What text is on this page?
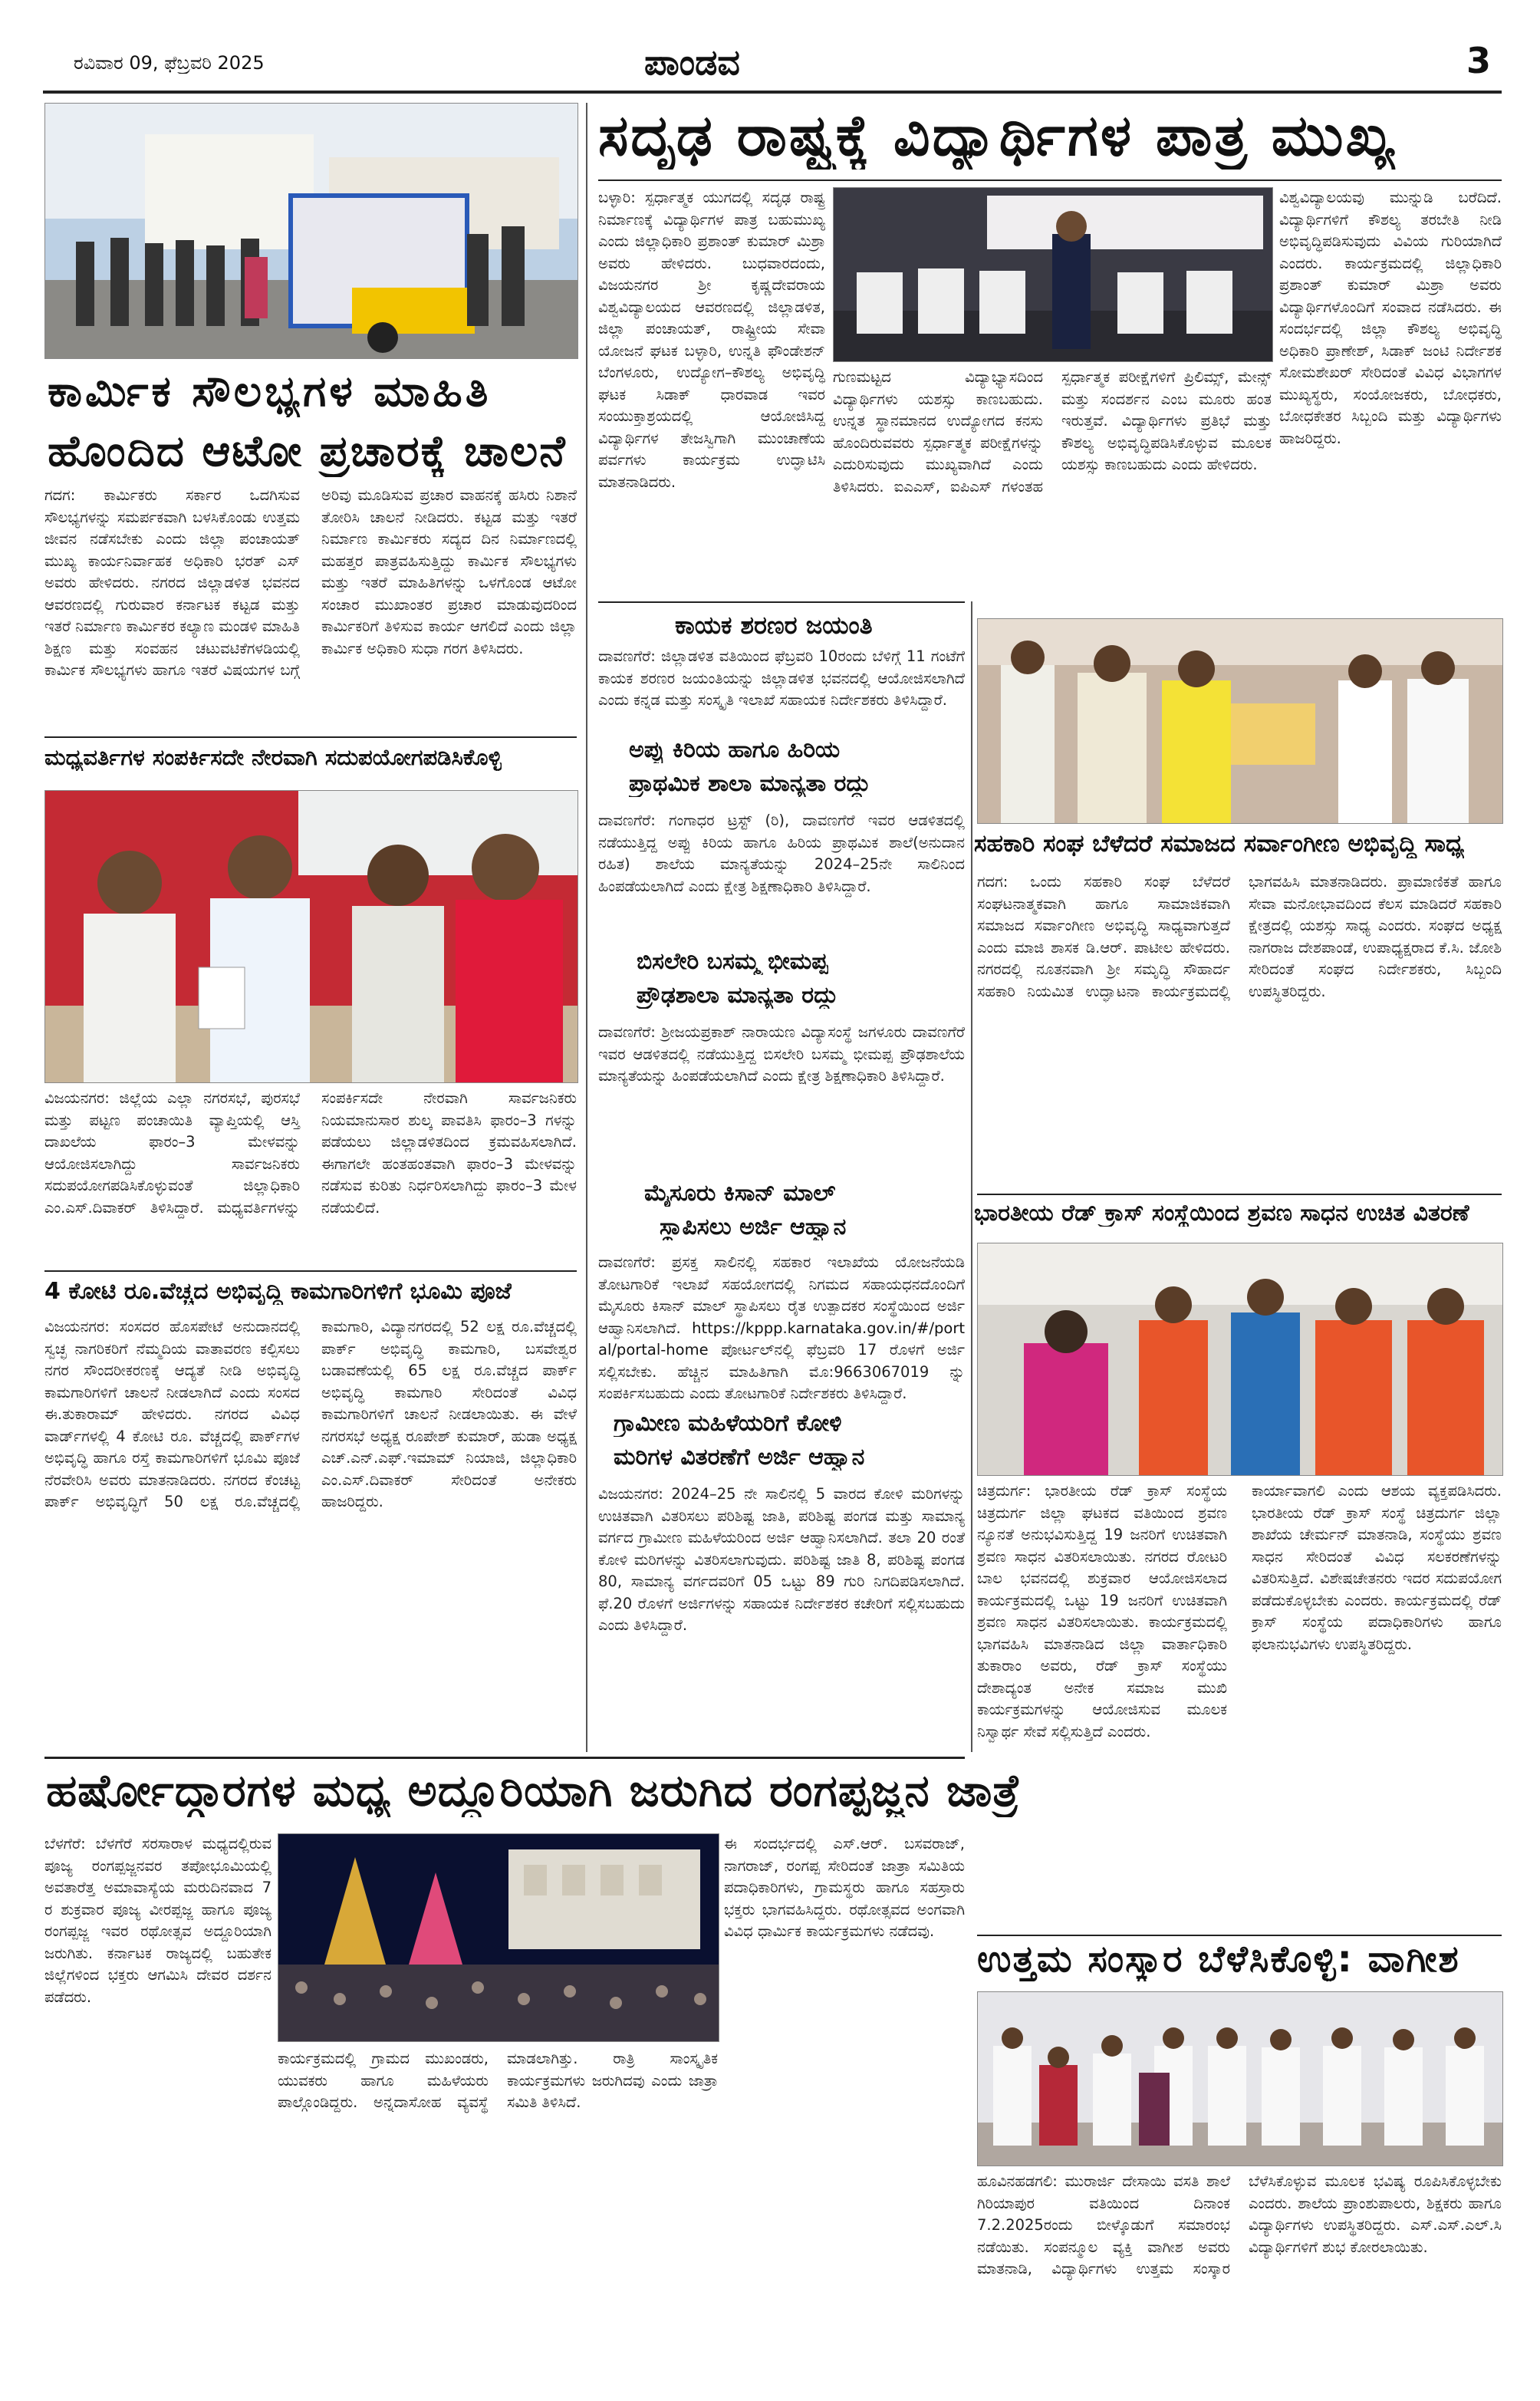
ರವಿವಾರ 09, ಫೆಬ್ರವರಿ 2025	ಪಾಂಡವ	3
ಕಾರ್ಮಿಕ ಸೌಲಭ್ಯಗಳ ಮಾಹಿತಿ
ಹೊಂದಿದ ಆಟೋ ಪ್ರಚಾರಕ್ಕೆ ಚಾಲನೆ
ಗದಗ: ಕಾರ್ಮಿಕರು ಸರ್ಕಾರ ಒದಗಿಸುವ ಸೌಲಭ್ಯಗಳನ್ನು ಸಮರ್ಪಕವಾಗಿ ಬಳಸಿಕೊಂಡು ಉತ್ತಮ ಜೀವನ ನಡೆಸಬೇಕು ಎಂದು ಜಿಲ್ಲಾ ಪಂಚಾಯತ್ ಮುಖ್ಯ ಕಾರ್ಯನಿರ್ವಾಹಕ ಅಧಿಕಾರಿ ಭರತ್ ಎಸ್ ಅವರು ಹೇಳಿದರು. ನಗರದ ಜಿಲ್ಲಾಡಳಿತ ಭವನದ ಆವರಣದಲ್ಲಿ ಗುರುವಾರ ಕರ್ನಾಟಕ ಕಟ್ಟಡ ಮತ್ತು ಇತರೆ ನಿರ್ಮಾಣ ಕಾರ್ಮಿಕರ ಕಲ್ಯಾಣ ಮಂಡಳಿ ಮಾಹಿತಿ ಶಿಕ್ಷಣ ಮತ್ತು ಸಂವಹನ ಚಟುವಟಿಕೆಗಳಡಿಯಲ್ಲಿ ಕಾರ್ಮಿಕ ಸೌಲಭ್ಯಗಳು ಹಾಗೂ ಇತರೆ ವಿಷಯಗಳ ಬಗ್ಗೆ ಅರಿವು ಮೂಡಿಸುವ ಪ್ರಚಾರ ವಾಹನಕ್ಕೆ ಹಸಿರು ನಿಶಾನೆ ತೋರಿಸಿ ಚಾಲನೆ ನೀಡಿದರು. ಕಟ್ಟಡ ಮತ್ತು ಇತರೆ ನಿರ್ಮಾಣ ಕಾರ್ಮಿಕರು ಸದ್ಯದ ದಿನ ನಿರ್ಮಾಣದಲ್ಲಿ ಮಹತ್ತರ ಪಾತ್ರವಹಿಸುತ್ತಿದ್ದು ಕಾರ್ಮಿಕ ಸೌಲಭ್ಯಗಳು ಮತ್ತು ಇತರೆ ಮಾಹಿತಿಗಳನ್ನು ಒಳಗೊಂಡ ಆಟೋ ಸಂಚಾರ ಮುಖಾಂತರ ಪ್ರಚಾರ ಮಾಡುವುದರಿಂದ ಕಾರ್ಮಿಕರಿಗೆ ತಿಳಿಸುವ ಕಾರ್ಯ ಆಗಲಿದೆ ಎಂದು ಜಿಲ್ಲಾ ಕಾರ್ಮಿಕ ಅಧಿಕಾರಿ ಸುಧಾ ಗರಗ ತಿಳಿಸಿದರು.
ಮಧ್ಯವರ್ತಿಗಳ ಸಂಪರ್ಕಿಸದೇ ನೇರವಾಗಿ ಸದುಪಯೋಗಪಡಿಸಿಕೊಳ್ಳಿ
ವಿಜಯನಗರ: ಜಿಲ್ಲೆಯ ಎಲ್ಲಾ ನಗರಸಭೆ, ಪುರಸಭೆ ಮತ್ತು ಪಟ್ಟಣ ಪಂಚಾಯಿತಿ ವ್ಯಾಪ್ತಿಯಲ್ಲಿ ಆಸ್ತಿ ದಾಖಲೆಯ ಫಾರಂ–3 ಮೇಳವನ್ನು ಆಯೋಜಿಸಲಾಗಿದ್ದು ಸಾರ್ವಜನಿಕರು ಸದುಪಯೋಗಪಡಿಸಿಕೊಳ್ಳುವಂತೆ ಜಿಲ್ಲಾಧಿಕಾರಿ ಎಂ.ಎಸ್.ದಿವಾಕರ್ ತಿಳಿಸಿದ್ದಾರೆ. ಮಧ್ಯವರ್ತಿಗಳನ್ನು ಸಂಪರ್ಕಿಸದೇ ನೇರವಾಗಿ ಸಾರ್ವಜನಿಕರು ನಿಯಮಾನುಸಾರ ಶುಲ್ಕ ಪಾವತಿಸಿ ಫಾರಂ–3 ಗಳನ್ನು ಪಡೆಯಲು ಜಿಲ್ಲಾಡಳಿತದಿಂದ ಕ್ರಮವಹಿಸಲಾಗಿದೆ. ಈಗಾಗಲೇ ಹಂತಹಂತವಾಗಿ ಫಾರಂ–3 ಮೇಳವನ್ನು ನಡೆಸುವ ಕುರಿತು ನಿರ್ಧರಿಸಲಾಗಿದ್ದು ಫಾರಂ–3 ಮೇಳ ನಡೆಯಲಿದೆ.
4 ಕೋಟಿ ರೂ.ವೆಚ್ಚದ ಅಭಿವೃದ್ಧಿ ಕಾಮಗಾರಿಗಳಿಗೆ ಭೂಮಿ ಪೂಜೆ
ವಿಜಯನಗರ: ಸಂಸದರ ಹೊಸಪೇಟೆ ಅನುದಾನದಲ್ಲಿ ಸ್ವಚ್ಛ ನಾಗರಿಕರಿಗೆ ನೆಮ್ಮದಿಯ ವಾತಾವರಣ ಕಲ್ಪಿಸಲು ನಗರ ಸೌಂದರೀಕರಣಕ್ಕೆ ಆದ್ಯತೆ ನೀಡಿ ಅಭಿವೃದ್ಧಿ ಕಾಮಗಾರಿಗಳಿಗೆ ಚಾಲನೆ ನೀಡಲಾಗಿದೆ ಎಂದು ಸಂಸದ ಈ.ತುಕಾರಾಮ್ ಹೇಳಿದರು. ನಗರದ ವಿವಿಧ ವಾರ್ಡ್‌ಗಳಲ್ಲಿ 4 ಕೋಟಿ ರೂ. ವೆಚ್ಚದಲ್ಲಿ ಪಾರ್ಕ್‌ಗಳ ಅಭಿವೃದ್ಧಿ ಹಾಗೂ ರಸ್ತೆ ಕಾಮಗಾರಿಗಳಿಗೆ ಭೂಮಿ ಪೂಜೆ ನೆರವೇರಿಸಿ ಅವರು ಮಾತನಾಡಿದರು. ನಗರದ ಕೆಂಚಟ್ಟ ಪಾರ್ಕ್ ಅಭಿವೃದ್ಧಿಗೆ 50 ಲಕ್ಷ ರೂ.ವೆಚ್ಚದಲ್ಲಿ ಕಾಮಗಾರಿ, ವಿದ್ಯಾನಗರದಲ್ಲಿ 52 ಲಕ್ಷ ರೂ.ವೆಚ್ಚದಲ್ಲಿ ಪಾರ್ಕ್ ಅಭಿವೃದ್ಧಿ ಕಾಮಗಾರಿ, ಬಸವೇಶ್ವರ ಬಡಾವಣೆಯಲ್ಲಿ 65 ಲಕ್ಷ ರೂ.ವೆಚ್ಚದ ಪಾರ್ಕ್ ಅಭಿವೃದ್ಧಿ ಕಾಮಗಾರಿ ಸೇರಿದಂತೆ ವಿವಿಧ ಕಾಮಗಾರಿಗಳಿಗೆ ಚಾಲನೆ ನೀಡಲಾಯಿತು. ಈ ವೇಳೆ ನಗರಸಭೆ ಅಧ್ಯಕ್ಷ ರೂಪೇಶ್ ಕುಮಾರ್, ಹುಡಾ ಅಧ್ಯಕ್ಷ ಎಚ್.ಎನ್.ಎಫ್.ಇಮಾಮ್ ನಿಯಾಜಿ, ಜಿಲ್ಲಾಧಿಕಾರಿ ಎಂ.ಎಸ್.ದಿವಾಕರ್ ಸೇರಿದಂತೆ ಅನೇಕರು ಹಾಜರಿದ್ದರು.
ಸದೃಢ ರಾಷ್ಟ್ರಕ್ಕೆ ವಿದ್ಯಾರ್ಥಿಗಳ ಪಾತ್ರ ಮುಖ್ಯ
ಬಳ್ಳಾರಿ: ಸ್ಪರ್ಧಾತ್ಮಕ ಯುಗದಲ್ಲಿ ಸದೃಢ ರಾಷ್ಟ್ರ ನಿರ್ಮಾಣಕ್ಕೆ ವಿದ್ಯಾರ್ಥಿಗಳ ಪಾತ್ರ ಬಹುಮುಖ್ಯ ಎಂದು ಜಿಲ್ಲಾಧಿಕಾರಿ ಪ್ರಶಾಂತ್ ಕುಮಾರ್ ಮಿಶ್ರಾ ಅವರು ಹೇಳಿದರು. ಬುಧವಾರದಂದು, ವಿಜಯನಗರ ಶ್ರೀ ಕೃಷ್ಣದೇವರಾಯ ವಿಶ್ವವಿದ್ಯಾಲಯದ ಆವರಣದಲ್ಲಿ ಜಿಲ್ಲಾಡಳಿತ, ಜಿಲ್ಲಾ ಪಂಚಾಯತ್, ರಾಷ್ಟ್ರೀಯ ಸೇವಾ ಯೋಜನೆ ಘಟಕ ಬಳ್ಳಾರಿ, ಉನ್ನತಿ ಫೌಂಡೇಶನ್ ಬೆಂಗಳೂರು, ಉದ್ಯೋಗ–ಕೌಶಲ್ಯ ಅಭಿವೃದ್ಧಿ ಘಟಕ ಸಿಡಾಕ್ ಧಾರವಾಡ ಇವರ ಸಂಯುಕ್ತಾಶ್ರಯದಲ್ಲಿ ಆಯೋಜಿಸಿದ್ದ ವಿದ್ಯಾರ್ಥಿಗಳ ತೇಜಸ್ವಿಗಾಗಿ ಮುಂಚಾಣೆಯ ಪರ್ವಗಳು ಕಾರ್ಯಕ್ರಮ ಉದ್ಘಾಟಿಸಿ ಮಾತನಾಡಿದರು.
ಗುಣಮಟ್ಟದ ವಿದ್ಯಾಭ್ಯಾಸದಿಂದ ವಿದ್ಯಾರ್ಥಿಗಳು ಯಶಸ್ಸು ಕಾಣಬಹುದು. ಉನ್ನತ ಸ್ಥಾನಮಾನದ ಉದ್ಯೋಗದ ಕನಸು ಹೊಂದಿರುವವರು ಸ್ಪರ್ಧಾತ್ಮಕ ಪರೀಕ್ಷೆಗಳನ್ನು ಎದುರಿಸುವುದು ಮುಖ್ಯವಾಗಿದೆ ಎಂದು ತಿಳಿಸಿದರು. ಐಎಎಸ್, ಐಪಿಎಸ್ ಗಳಂತಹ ಸ್ಪರ್ಧಾತ್ಮಕ ಪರೀಕ್ಷೆಗಳಿಗೆ ಪ್ರಿಲಿಮ್ಸ್, ಮೇನ್ಸ್ ಮತ್ತು ಸಂದರ್ಶನ ಎಂಬ ಮೂರು ಹಂತ ಇರುತ್ತವೆ. ವಿದ್ಯಾರ್ಥಿಗಳು ಪ್ರತಿಭೆ ಮತ್ತು ಕೌಶಲ್ಯ ಅಭಿವೃದ್ಧಿಪಡಿಸಿಕೊಳ್ಳುವ ಮೂಲಕ ಯಶಸ್ಸು ಕಾಣಬಹುದು ಎಂದು ಹೇಳಿದರು.
ವಿಶ್ವವಿದ್ಯಾಲಯವು ಮುನ್ನುಡಿ ಬರೆದಿದೆ. ವಿದ್ಯಾರ್ಥಿಗಳಿಗೆ ಕೌಶಲ್ಯ ತರಬೇತಿ ನೀಡಿ ಅಭಿವೃದ್ಧಿಪಡಿಸುವುದು ವಿವಿಯ ಗುರಿಯಾಗಿದೆ ಎಂದರು. ಕಾರ್ಯಕ್ರಮದಲ್ಲಿ ಜಿಲ್ಲಾಧಿಕಾರಿ ಪ್ರಶಾಂತ್ ಕುಮಾರ್ ಮಿಶ್ರಾ ಅವರು ವಿದ್ಯಾರ್ಥಿಗಳೊಂದಿಗೆ ಸಂವಾದ ನಡೆಸಿದರು. ಈ ಸಂದರ್ಭದಲ್ಲಿ ಜಿಲ್ಲಾ ಕೌಶಲ್ಯ ಅಭಿವೃದ್ಧಿ ಅಧಿಕಾರಿ ಪ್ರಾಣೇಶ್, ಸಿಡಾಕ್ ಜಂಟಿ ನಿರ್ದೇಶಕ ಸೋಮಶೇಖರ್ ಸೇರಿದಂತೆ ವಿವಿಧ ವಿಭಾಗಗಳ ಮುಖ್ಯಸ್ಥರು, ಸಂಯೋಜಕರು, ಬೋಧಕರು, ಬೋಧಕೇತರ ಸಿಬ್ಬಂದಿ ಮತ್ತು ವಿದ್ಯಾರ್ಥಿಗಳು ಹಾಜರಿದ್ದರು.
ಕಾಯಕ ಶರಣರ ಜಯಂತಿ
ದಾವಣಗೆರೆ: ಜಿಲ್ಲಾಡಳಿತ ವತಿಯಿಂದ ಫೆಬ್ರವರಿ 10ರಂದು ಬೆಳಿಗ್ಗೆ 11 ಗಂಟೆಗೆ ಕಾಯಕ ಶರಣರ ಜಯಂತಿಯನ್ನು ಜಿಲ್ಲಾಡಳಿತ ಭವನದಲ್ಲಿ ಆಯೋಜಿಸಲಾಗಿದೆ ಎಂದು ಕನ್ನಡ ಮತ್ತು ಸಂಸ್ಕೃತಿ ಇಲಾಖೆ ಸಹಾಯಕ ನಿರ್ದೇಶಕರು ತಿಳಿಸಿದ್ದಾರೆ.
ಅಪ್ಪು ಕಿರಿಯ ಹಾಗೂ ಹಿರಿಯ
ಪ್ರಾಥಮಿಕ ಶಾಲಾ ಮಾನ್ಯತಾ ರದ್ದು
ದಾವಣಗೆರೆ: ಗಂಗಾಧರ ಟ್ರಸ್ಟ್ (ರಿ), ದಾವಣಗೆರೆ ಇವರ ಆಡಳಿತದಲ್ಲಿ ನಡೆಯುತ್ತಿದ್ದ ಅಪ್ಪು ಕಿರಿಯ ಹಾಗೂ ಹಿರಿಯ ಪ್ರಾಥಮಿಕ ಶಾಲೆ(ಅನುದಾನ ರಹಿತ) ಶಾಲೆಯ ಮಾನ್ಯತೆಯನ್ನು 2024–25ನೇ ಸಾಲಿನಿಂದ ಹಿಂಪಡೆಯಲಾಗಿದೆ ಎಂದು ಕ್ಷೇತ್ರ ಶಿಕ್ಷಣಾಧಿಕಾರಿ ತಿಳಿಸಿದ್ದಾರೆ.
ಬಿಸಲೇರಿ ಬಸಮ್ಮ ಭೀಮಪ್ಪ
ಪ್ರೌಢಶಾಲಾ ಮಾನ್ಯತಾ ರದ್ದು
ದಾವಣಗೆರೆ: ಶ್ರೀಜಯಪ್ರಕಾಶ್ ನಾರಾಯಣ ವಿದ್ಯಾಸಂಸ್ಥೆ ಜಗಳೂರು ದಾವಣಗೆರೆ ಇವರ ಆಡಳಿತದಲ್ಲಿ ನಡೆಯುತ್ತಿದ್ದ ಬಿಸಲೇರಿ ಬಸಮ್ಮ ಭೀಮಪ್ಪ ಪ್ರೌಢಶಾಲೆಯ ಮಾನ್ಯತೆಯನ್ನು ಹಿಂಪಡೆಯಲಾಗಿದೆ ಎಂದು ಕ್ಷೇತ್ರ ಶಿಕ್ಷಣಾಧಿಕಾರಿ ತಿಳಿಸಿದ್ದಾರೆ.
ಮೈಸೂರು ಕಿಸಾನ್ ಮಾಲ್
ಸ್ಥಾಪಿಸಲು ಅರ್ಜಿ ಆಹ್ವಾನ
ದಾವಣಗೆರೆ: ಪ್ರಸಕ್ತ ಸಾಲಿನಲ್ಲಿ ಸಹಕಾರ ಇಲಾಖೆಯ ಯೋಜನೆಯಡಿ ತೋಟಗಾರಿಕೆ ಇಲಾಖೆ ಸಹಯೋಗದಲ್ಲಿ ನಿಗಮದ ಸಹಾಯಧನದೊಂದಿಗೆ ಮೈಸೂರು ಕಿಸಾನ್ ಮಾಲ್ ಸ್ಥಾಪಿಸಲು ರೈತ ಉತ್ಪಾದಕರ ಸಂಸ್ಥೆಯಿಂದ ಅರ್ಜಿ ಆಹ್ವಾನಿಸಲಾಗಿದೆ. https://kppp.karnataka.gov.in/#/portal/portal-home ಪೋರ್ಟಲ್‌ನಲ್ಲಿ ಫೆಬ್ರವರಿ 17 ರೊಳಗೆ ಅರ್ಜಿ ಸಲ್ಲಿಸಬೇಕು. ಹೆಚ್ಚಿನ ಮಾಹಿತಿಗಾಗಿ ಮೊ:9663067019 ನ್ನು ಸಂಪರ್ಕಿಸಬಹುದು ಎಂದು ತೋಟಗಾರಿಕೆ ನಿರ್ದೇಶಕರು ತಿಳಿಸಿದ್ದಾರೆ.
ಗ್ರಾಮೀಣ ಮಹಿಳೆಯರಿಗೆ ಕೋಳಿ
ಮರಿಗಳ ವಿತರಣೆಗೆ ಅರ್ಜಿ ಆಹ್ವಾನ
ವಿಜಯನಗರ: 2024–25 ನೇ ಸಾಲಿನಲ್ಲಿ 5 ವಾರದ ಕೋಳಿ ಮರಿಗಳನ್ನು ಉಚಿತವಾಗಿ ವಿತರಿಸಲು ಪರಿಶಿಷ್ಟ ಜಾತಿ, ಪರಿಶಿಷ್ಟ ಪಂಗಡ ಮತ್ತು ಸಾಮಾನ್ಯ ವರ್ಗದ ಗ್ರಾಮೀಣ ಮಹಿಳೆಯರಿಂದ ಅರ್ಜಿ ಆಹ್ವಾನಿಸಲಾಗಿದೆ. ತಲಾ 20 ರಂತೆ ಕೋಳಿ ಮರಿಗಳನ್ನು ವಿತರಿಸಲಾಗುವುದು. ಪರಿಶಿಷ್ಟ ಜಾತಿ 8, ಪರಿಶಿಷ್ಟ ಪಂಗಡ 80, ಸಾಮಾನ್ಯ ವರ್ಗದವರಿಗೆ 05 ಒಟ್ಟು 89 ಗುರಿ ನಿಗದಿಪಡಿಸಲಾಗಿದೆ. ಫೆ.20 ರೊಳಗೆ ಅರ್ಜಿಗಳನ್ನು ಸಹಾಯಕ ನಿರ್ದೇಶಕರ ಕಚೇರಿಗೆ ಸಲ್ಲಿಸಬಹುದು ಎಂದು ತಿಳಿಸಿದ್ದಾರೆ.
ಸಹಕಾರಿ ಸಂಘ ಬೆಳೆದರೆ ಸಮಾಜದ ಸರ್ವಾಂಗೀಣ ಅಭಿವೃದ್ಧಿ ಸಾಧ್ಯ
ಗದಗ: ಒಂದು ಸಹಕಾರಿ ಸಂಘ ಬೆಳೆದರೆ ಸಂಘಟನಾತ್ಮಕವಾಗಿ ಹಾಗೂ ಸಾಮಾಜಿಕವಾಗಿ ಸಮಾಜದ ಸರ್ವಾಂಗೀಣ ಅಭಿವೃದ್ಧಿ ಸಾಧ್ಯವಾಗುತ್ತದೆ ಎಂದು ಮಾಜಿ ಶಾಸಕ ಡಿ.ಆರ್. ಪಾಟೀಲ ಹೇಳಿದರು. ನಗರದಲ್ಲಿ ನೂತನವಾಗಿ ಶ್ರೀ ಸಮೃದ್ಧಿ ಸೌಹಾರ್ದ ಸಹಕಾರಿ ನಿಯಮಿತ ಉದ್ಘಾಟನಾ ಕಾರ್ಯಕ್ರಮದಲ್ಲಿ ಭಾಗವಹಿಸಿ ಮಾತನಾಡಿದರು. ಪ್ರಾಮಾಣಿಕತೆ ಹಾಗೂ ಸೇವಾ ಮನೋಭಾವದಿಂದ ಕೆಲಸ ಮಾಡಿದರೆ ಸಹಕಾರಿ ಕ್ಷೇತ್ರದಲ್ಲಿ ಯಶಸ್ಸು ಸಾಧ್ಯ ಎಂದರು. ಸಂಘದ ಅಧ್ಯಕ್ಷ ನಾಗರಾಜ ದೇಶಪಾಂಡೆ, ಉಪಾಧ್ಯಕ್ಷರಾದ ಕೆ.ಸಿ. ಜೋಶಿ ಸೇರಿದಂತೆ ಸಂಘದ ನಿರ್ದೇಶಕರು, ಸಿಬ್ಬಂದಿ ಉಪಸ್ಥಿತರಿದ್ದರು.
ಭಾರತೀಯ ರೆಡ್ ಕ್ರಾಸ್ ಸಂಸ್ಥೆಯಿಂದ ಶ್ರವಣ ಸಾಧನ ಉಚಿತ ವಿತರಣೆ
ಚಿತ್ರದುರ್ಗ: ಭಾರತೀಯ ರೆಡ್ ಕ್ರಾಸ್ ಸಂಸ್ಥೆಯ ಚಿತ್ರದುರ್ಗ ಜಿಲ್ಲಾ ಘಟಕದ ವತಿಯಿಂದ ಶ್ರವಣ ನ್ಯೂನತೆ ಅನುಭವಿಸುತ್ತಿದ್ದ 19 ಜನರಿಗೆ ಉಚಿತವಾಗಿ ಶ್ರವಣ ಸಾಧನ ವಿತರಿಸಲಾಯಿತು. ನಗರದ ರೋಟರಿ ಬಾಲ ಭವನದಲ್ಲಿ ಶುಕ್ರವಾರ ಆಯೋಜಿಸಲಾದ ಕಾರ್ಯಕ್ರಮದಲ್ಲಿ ಒಟ್ಟು 19 ಜನರಿಗೆ ಉಚಿತವಾಗಿ ಶ್ರವಣ ಸಾಧನ ವಿತರಿಸಲಾಯಿತು. ಕಾರ್ಯಕ್ರಮದಲ್ಲಿ ಭಾಗವಹಿಸಿ ಮಾತನಾಡಿದ ಜಿಲ್ಲಾ ವಾರ್ತಾಧಿಕಾರಿ ತುಕಾರಾಂ ಅವರು, ರೆಡ್ ಕ್ರಾಸ್ ಸಂಸ್ಥೆಯು ದೇಶಾದ್ಯಂತ ಅನೇಕ ಸಮಾಜ ಮುಖಿ ಕಾರ್ಯಕ್ರಮಗಳನ್ನು ಆಯೋಜಿಸುವ ಮೂಲಕ ನಿಸ್ವಾರ್ಥ ಸೇವೆ ಸಲ್ಲಿಸುತ್ತಿದೆ ಎಂದರು.
ಕಾರ್ಯಾವಾಗಲಿ ಎಂದು ಆಶಯ ವ್ಯಕ್ತಪಡಿಸಿದರು. ಭಾರತೀಯ ರೆಡ್ ಕ್ರಾಸ್ ಸಂಸ್ಥೆ ಚಿತ್ರದುರ್ಗ ಜಿಲ್ಲಾ ಶಾಖೆಯ ಚೇರ್ಮನ್ ಮಾತನಾಡಿ, ಸಂಸ್ಥೆಯು ಶ್ರವಣ ಸಾಧನ ಸೇರಿದಂತೆ ವಿವಿಧ ಸಲಕರಣೆಗಳನ್ನು ವಿತರಿಸುತ್ತಿದೆ. ವಿಶೇಷಚೇತನರು ಇದರ ಸದುಪಯೋಗ ಪಡೆದುಕೊಳ್ಳಬೇಕು ಎಂದರು. ಕಾರ್ಯಕ್ರಮದಲ್ಲಿ ರೆಡ್ ಕ್ರಾಸ್ ಸಂಸ್ಥೆಯ ಪದಾಧಿಕಾರಿಗಳು ಹಾಗೂ ಫಲಾನುಭವಿಗಳು ಉಪಸ್ಥಿತರಿದ್ದರು.
ಉತ್ತಮ ಸಂಸ್ಕಾರ ಬೆಳೆಸಿಕೊಳ್ಳಿ: ವಾಗೀಶ
ಹೂವಿನಹಡಗಲಿ: ಮುರಾರ್ಜಿ ದೇಸಾಯಿ ವಸತಿ ಶಾಲೆ ಗಿರಿಯಾಪುರ ವತಿಯಿಂದ ದಿನಾಂಕ 7.2.2025ರಂದು ಬೀಳ್ಕೊಡುಗೆ ಸಮಾರಂಭ ನಡೆಯಿತು. ಸಂಪನ್ಮೂಲ ವ್ಯಕ್ತಿ ವಾಗೀಶ ಅವರು ಮಾತನಾಡಿ, ವಿದ್ಯಾರ್ಥಿಗಳು ಉತ್ತಮ ಸಂಸ್ಕಾರ ಬೆಳೆಸಿಕೊಳ್ಳುವ ಮೂಲಕ ಭವಿಷ್ಯ ರೂಪಿಸಿಕೊಳ್ಳಬೇಕು ಎಂದರು. ಶಾಲೆಯ ಪ್ರಾಂಶುಪಾಲರು, ಶಿಕ್ಷಕರು ಹಾಗೂ ವಿದ್ಯಾರ್ಥಿಗಳು ಉಪಸ್ಥಿತರಿದ್ದರು. ಎಸ್.ಎಸ್.ಎಲ್.ಸಿ ವಿದ್ಯಾರ್ಥಿಗಳಿಗೆ ಶುಭ ಕೋರಲಾಯಿತು.
ಹರ್ಷೋದ್ಗಾರಗಳ ಮಧ್ಯ ಅದ್ದೂರಿಯಾಗಿ ಜರುಗಿದ ರಂಗಪ್ಪಜ್ಜನ ಜಾತ್ರೆ
ಬೆಳಗೆರೆ: ಬೆಳಗೆರೆ ಸರಸಾರಾಳ ಮಧ್ಯದಲ್ಲಿರುವ ಪೂಜ್ಯ ರಂಗಪ್ಪಜ್ಜನವರ ತಪೋಭೂಮಿಯಲ್ಲಿ ಅವತಾರೆತ್ತ ಅಮಾವಾಸ್ಯೆಯ ಮರುದಿನವಾದ 7 ರ ಶುಕ್ರವಾರ ಪೂಜ್ಯ ವೀರಪ್ಪಜ್ಜ ಹಾಗೂ ಪೂಜ್ಯ ರಂಗಪ್ಪಜ್ಜ ಇವರ ರಥೋತ್ಸವ ಅದ್ದೂರಿಯಾಗಿ ಜರುಗಿತು. ಕರ್ನಾಟಕ ರಾಜ್ಯದಲ್ಲಿ ಬಹುತೇಕ ಜಿಲ್ಲೆಗಳಿಂದ ಭಕ್ತರು ಆಗಮಿಸಿ ದೇವರ ದರ್ಶನ ಪಡೆದರು.
ಈ ಸಂದರ್ಭದಲ್ಲಿ ಎಸ್.ಆರ್. ಬಸವರಾಜ್, ನಾಗರಾಜ್, ರಂಗಪ್ಪ ಸೇರಿದಂತೆ ಜಾತ್ರಾ ಸಮಿತಿಯ ಪದಾಧಿಕಾರಿಗಳು, ಗ್ರಾಮಸ್ಥರು ಹಾಗೂ ಸಹಸ್ರಾರು ಭಕ್ತರು ಭಾಗವಹಿಸಿದ್ದರು. ರಥೋತ್ಸವದ ಅಂಗವಾಗಿ ವಿವಿಧ ಧಾರ್ಮಿಕ ಕಾರ್ಯಕ್ರಮಗಳು ನಡೆದವು.
ಕಾರ್ಯಕ್ರಮದಲ್ಲಿ ಗ್ರಾಮದ ಮುಖಂಡರು, ಯುವಕರು ಹಾಗೂ ಮಹಿಳೆಯರು ಪಾಲ್ಗೊಂಡಿದ್ದರು. ಅನ್ನದಾಸೋಹ ವ್ಯವಸ್ಥೆ ಮಾಡಲಾಗಿತ್ತು. ರಾತ್ರಿ ಸಾಂಸ್ಕೃತಿಕ ಕಾರ್ಯಕ್ರಮಗಳು ಜರುಗಿದವು ಎಂದು ಜಾತ್ರಾ ಸಮಿತಿ ತಿಳಿಸಿದೆ.
